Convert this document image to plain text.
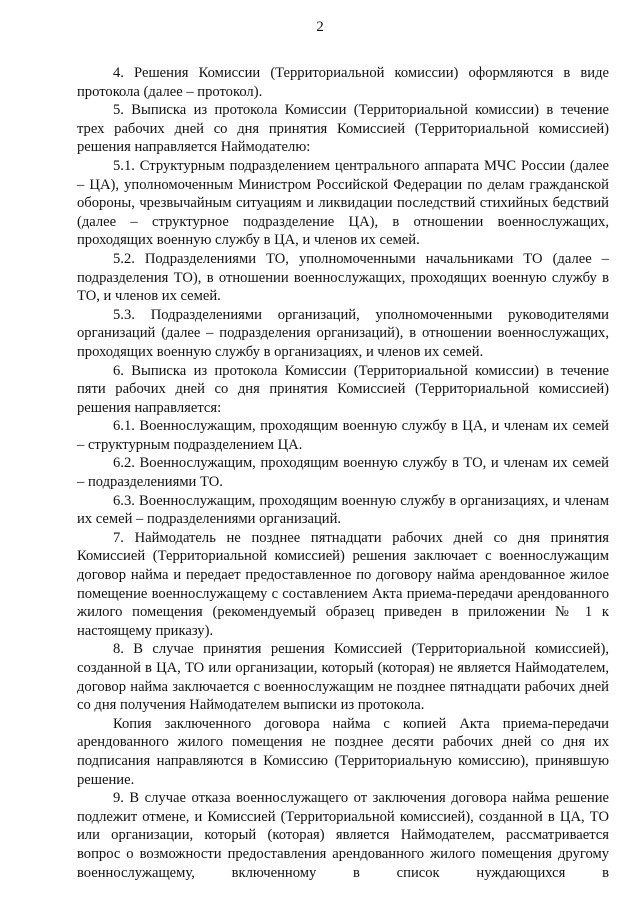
2

4. Решения Комиссии (Территориальной комиссии) оформляются в виде протокола (далее – протокол).

5. Выписка из протокола Комиссии (Территориальной комиссии) в течение трех рабочих дней со дня принятия Комиссией (Территориальной комиссией) решения направляется Наймодателю:

5.1. Структурным подразделением центрального аппарата МЧС России (далее – ЦА), уполномоченным Министром Российской Федерации по делам гражданской обороны, чрезвычайным ситуациям и ликвидации последствий стихийных бедствий (далее – структурное подразделение ЦА), в отношении военнослужащих, проходящих военную службу в ЦА, и членов их семей.

5.2. Подразделениями ТО, уполномоченными начальниками ТО (далее – подразделения ТО), в отношении военнослужащих, проходящих военную службу в ТО, и членов их семей.

5.3. Подразделениями организаций, уполномоченными руководителями организаций (далее – подразделения организаций), в отношении военнослужащих, проходящих военную службу в организациях, и членов их семей.

6. Выписка из протокола Комиссии (Территориальной комиссии) в течение пяти рабочих дней со дня принятия Комиссией (Территориальной комиссией) решения направляется:

6.1. Военнослужащим, проходящим военную службу в ЦА, и членам их семей – структурным подразделением ЦА.

6.2. Военнослужащим, проходящим военную службу в ТО, и членам их семей – подразделениями ТО.

6.3. Военнослужащим, проходящим военную службу в организациях, и членам их семей – подразделениями организаций.

7. Наймодатель не позднее пятнадцати рабочих дней со дня принятия Комиссией (Территориальной комиссией) решения заключает с военнослужащим договор найма и передает предоставленное по договору найма арендованное жилое помещение военнослужащему с составлением Акта приема-передачи арендованного жилого помещения (рекомендуемый образец приведен в приложении № 1 к настоящему приказу).

8. В случае принятия решения Комиссией (Территориальной комиссией), созданной в ЦА, ТО или организации, который (которая) не является Наймодателем, договор найма заключается с военнослужащим не позднее пятнадцати рабочих дней со дня получения Наймодателем выписки из протокола.

Копия заключенного договора найма с копией Акта приема-передачи арендованного жилого помещения не позднее десяти рабочих дней со дня их подписания направляются в Комиссию (Территориальную комиссию), принявшую решение.

9. В случае отказа военнослужащего от заключения договора найма решение подлежит отмене, и Комиссией (Территориальной комиссией), созданной в ЦА, ТО или организации, который (которая) является Наймодателем, рассматривается вопрос о возможности предоставления арендованного жилого помещения другому военнослужащему, включенному в список нуждающихся в
